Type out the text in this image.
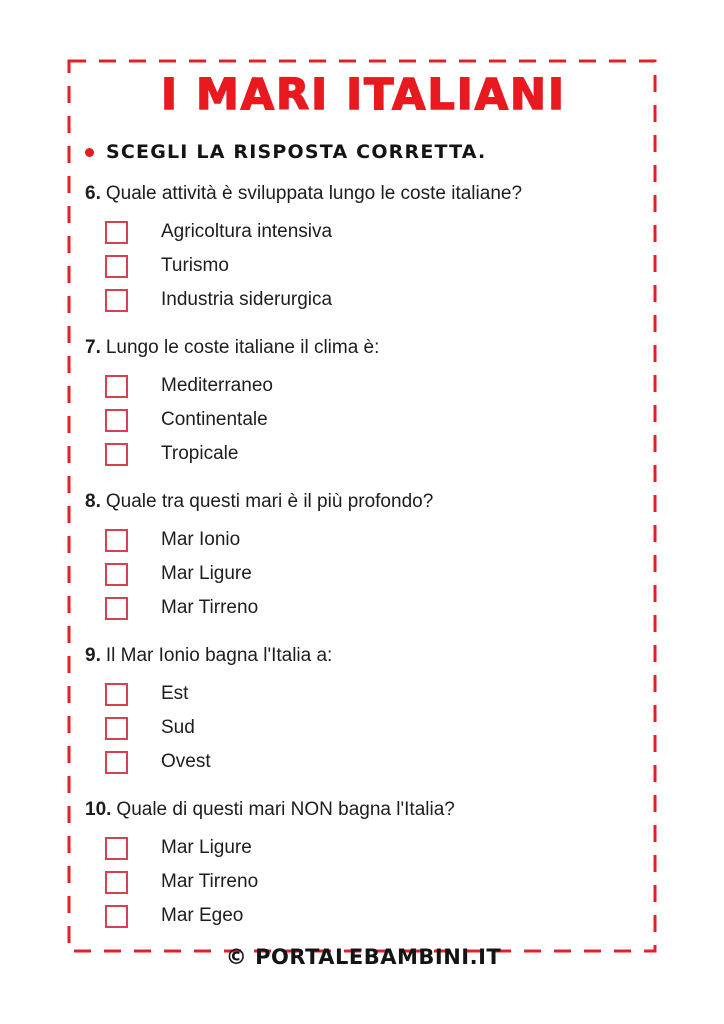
I MARI ITALIANI
SCEGLI LA RISPOSTA CORRETTA.
6. Quale attività è sviluppata lungo le coste italiane?
Agricoltura intensiva
Turismo
Industria siderurgica
7. Lungo le coste italiane il clima è:
Mediterraneo
Continentale
Tropicale
8. Quale tra questi mari è il più profondo?
Mar Ionio
Mar Ligure
Mar Tirreno
9. Il Mar Ionio bagna l'Italia a:
Est
Sud
Ovest
10. Quale di questi mari NON bagna l'Italia?
Mar Ligure
Mar Tirreno
Mar Egeo
© PORTALEBAMBINI.IT
